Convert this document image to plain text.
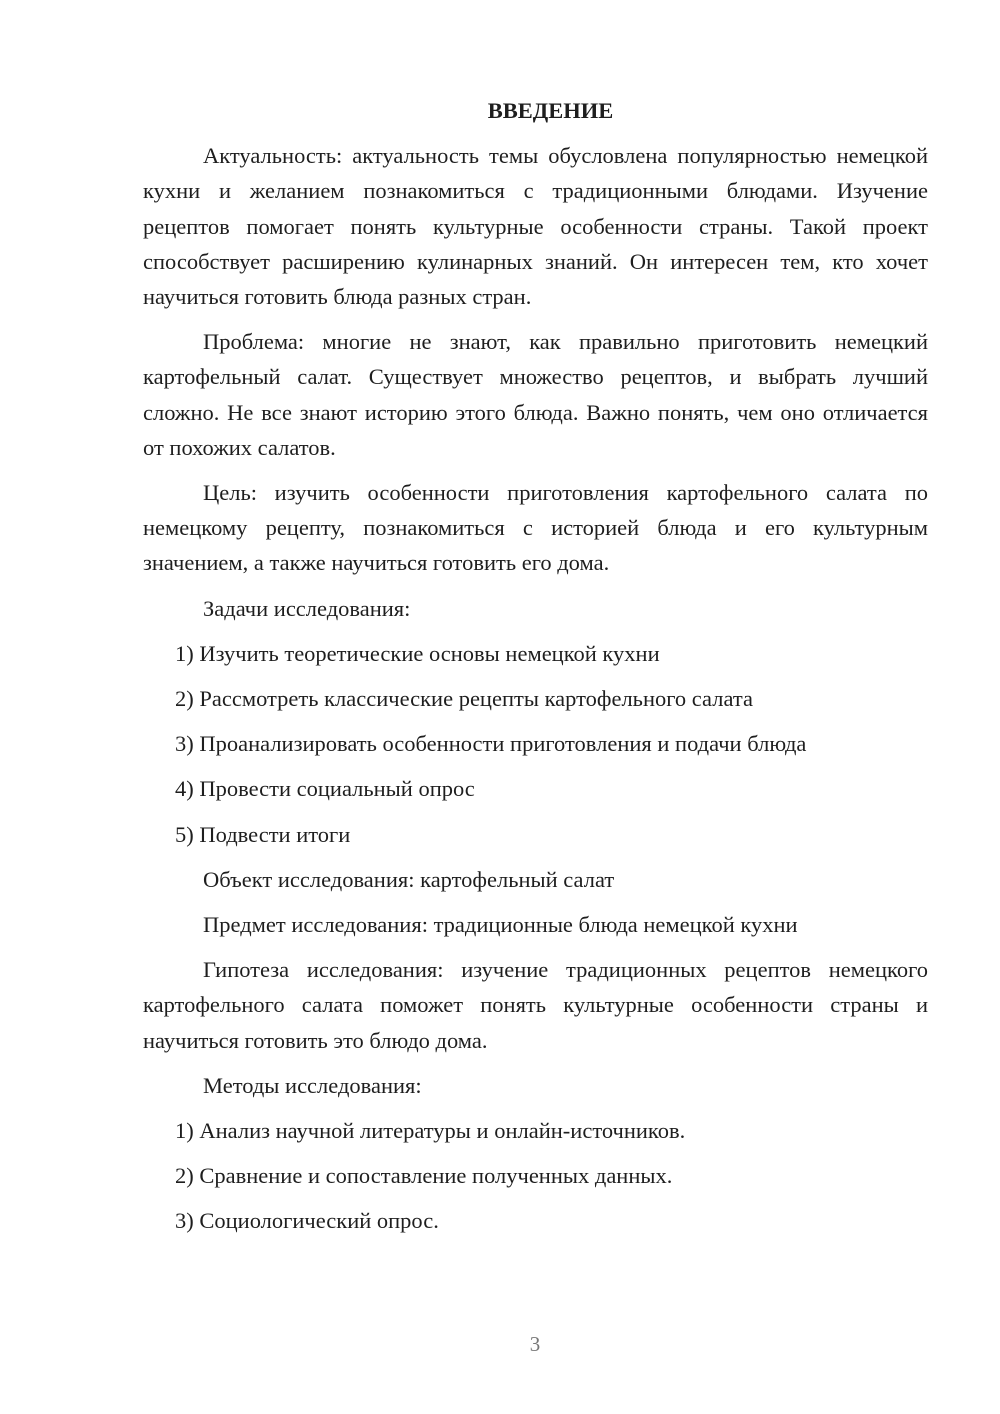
ВВЕДЕНИЕ

Актуальность: актуальность темы обусловлена популярностью немецкой кухни и желанием познакомиться с традиционными блюдами. Изучение рецептов помогает понять культурные особенности страны. Такой проект способствует расширению кулинарных знаний. Он интересен тем, кто хочет научиться готовить блюда разных стран.

Проблема: многие не знают, как правильно приготовить немецкий картофельный салат. Существует множество рецептов, и выбрать лучший сложно. Не все знают историю этого блюда. Важно понять, чем оно отличается от похожих салатов.

Цель: изучить особенности приготовления картофельного салата по немецкому рецепту, познакомиться с историей блюда и его культурным значением, а также научиться готовить его дома.

Задачи исследования:
1) Изучить теоретические основы немецкой кухни
2) Рассмотреть классические рецепты картофельного салата
3) Проанализировать особенности приготовления и подачи блюда
4) Провести социальный опрос
5) Подвести итоги
Объект исследования: картофельный салат
Предмет исследования: традиционные блюда немецкой кухни

Гипотеза исследования: изучение традиционных рецептов немецкого картофельного салата поможет понять культурные особенности страны и научиться готовить это блюдо дома.

Методы исследования:
1) Анализ научной литературы и онлайн-источников.
2) Сравнение и сопоставление полученных данных.
3) Социологический опрос.
3
